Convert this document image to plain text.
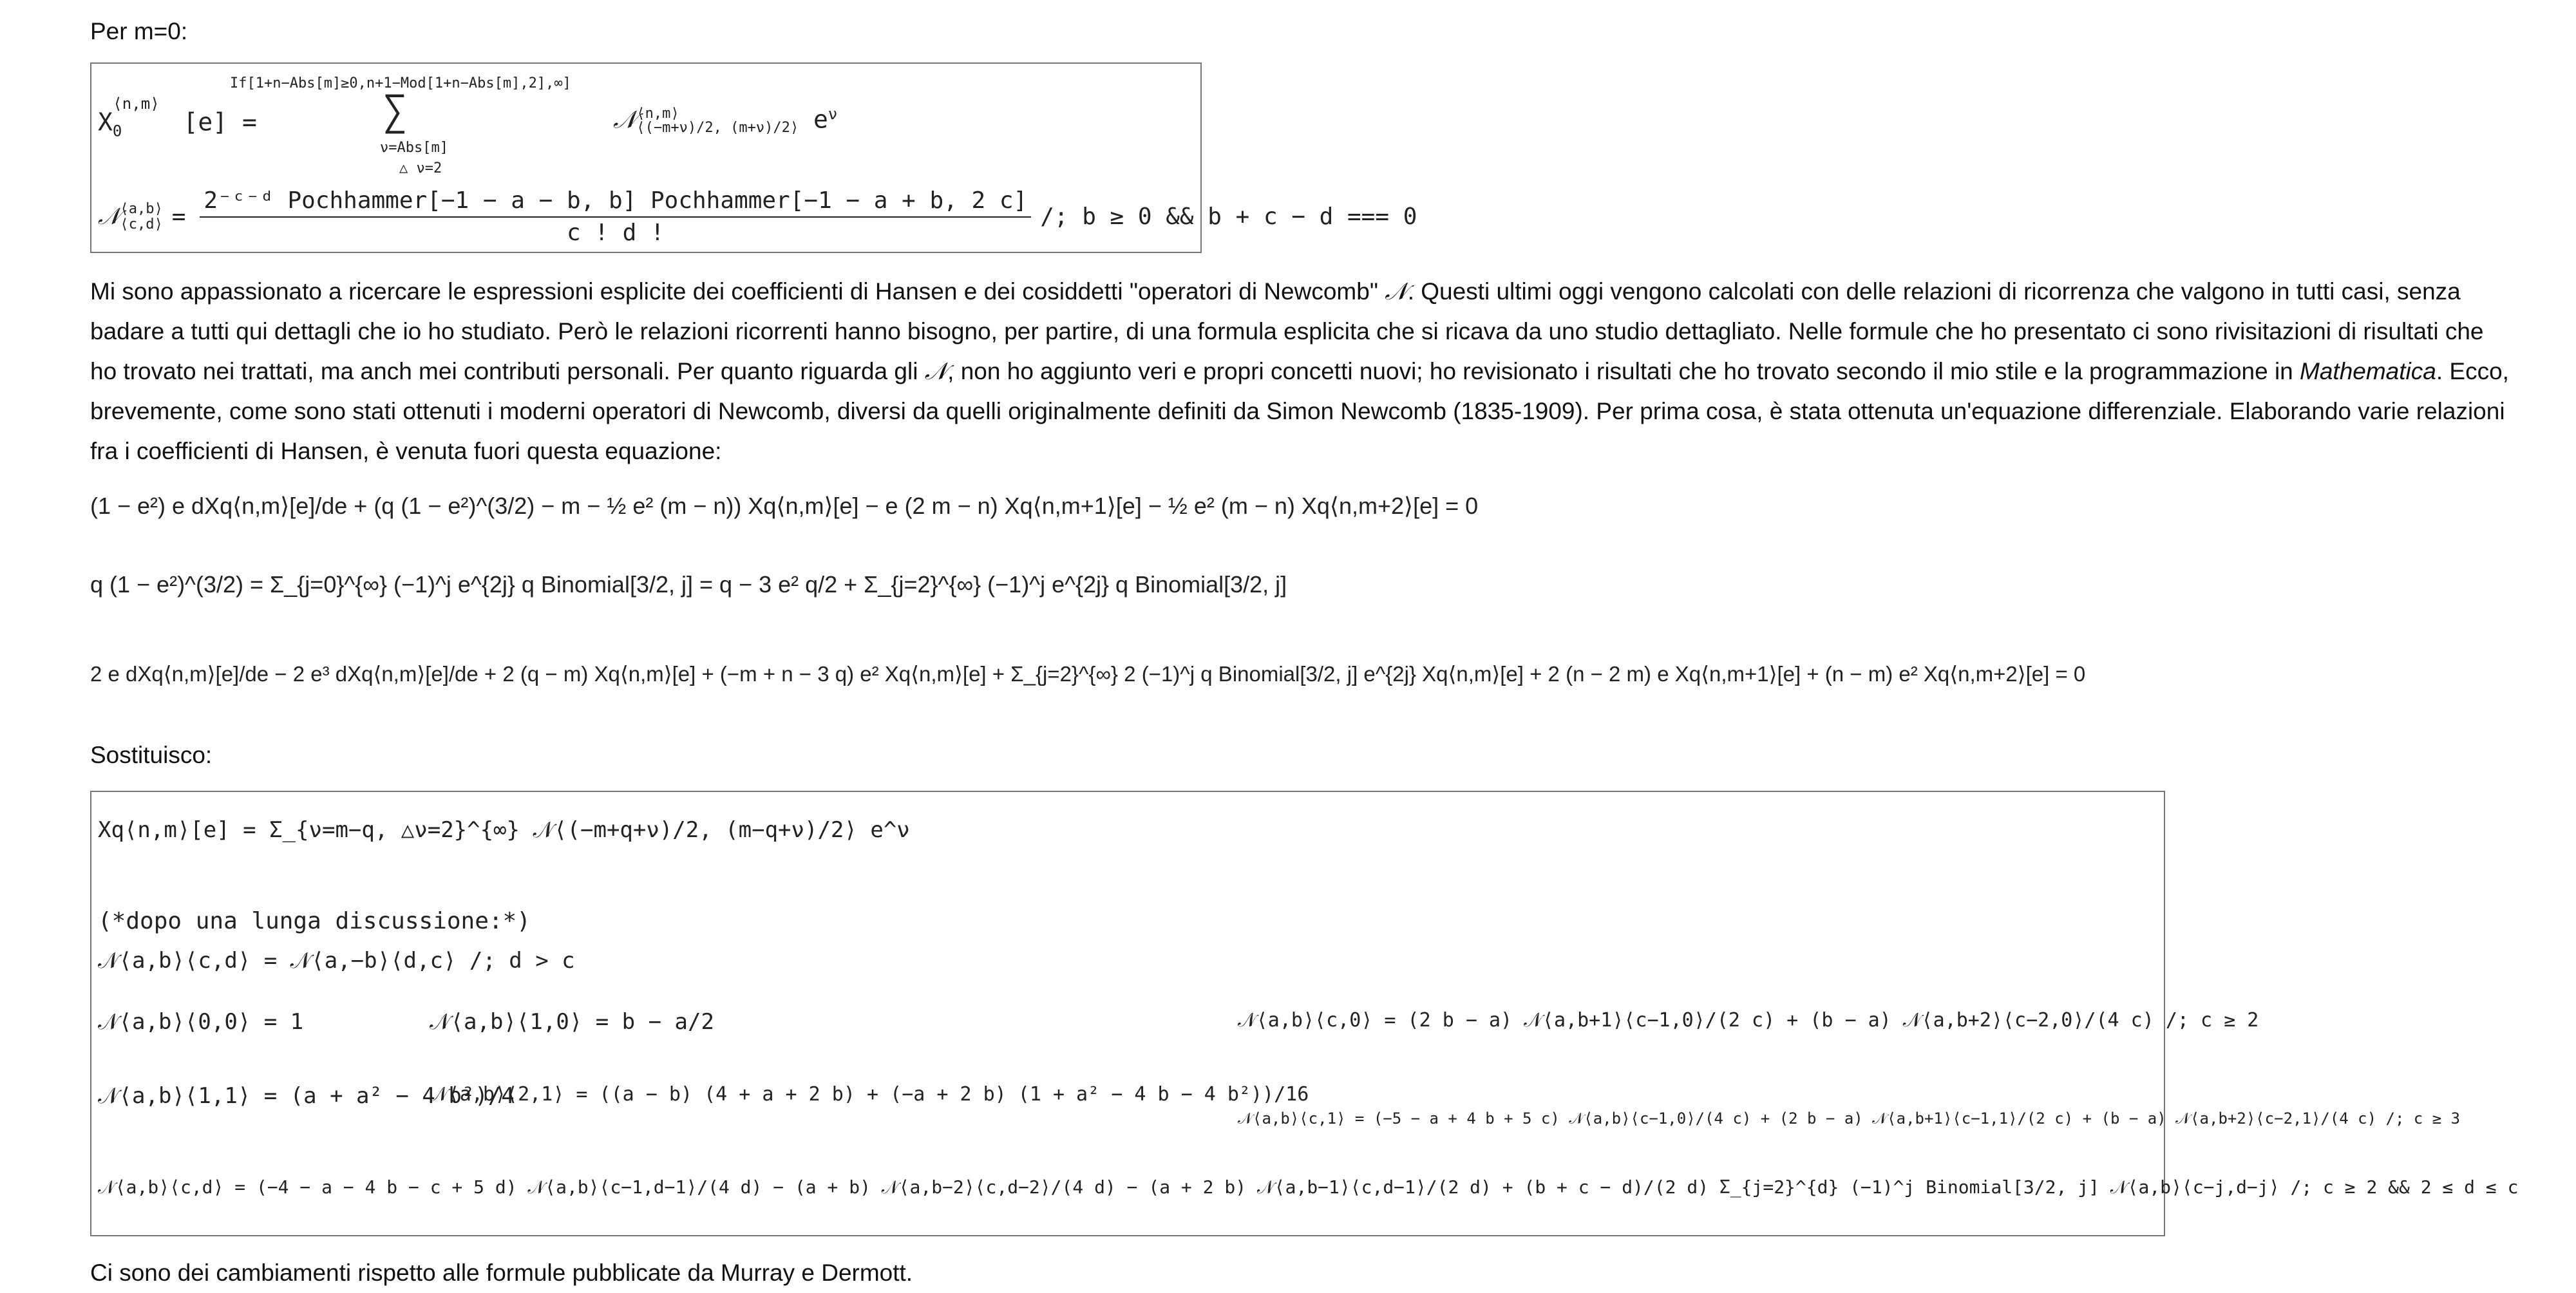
Per m=0:
$X_0^{⟨n,m⟩}$ [e] =
If[1+n−Abs[m]≥0,n+1−Mod[1+n−Abs[m],2],∞]
∑
ν=Abs[m]
△ ν=2
𝒩 ⟨n,m⟩
⟨(−m+ν)/2, (m+ν)/2⟩ $e^\nu$
𝒩 ⟨a,b⟩
⟨c,d⟩ = $\frac{\text{2⁻ᶜ⁻ᵈ Pochhammer[−1 − a − b, b] Pochhammer[−1 − a + b, 2 c]}}{c ! d !}$ /; b ≥ 0 && b + c − d === 0
Mi sono appassionato a ricercare le espressioni esplicite dei coefficienti di Hansen e dei cosiddetti "operatori di Newcomb" 𝒩. Questi ultimi oggi vengono calcolati con delle relazioni di ricorrenza che valgono in tutti casi, senza badare a tutti qui dettagli che io ho studiato. Però le relazioni ricorrenti hanno bisogno, per partire, di una formula esplicita che si ricava da uno studio dettagliato. Nelle formule che ho presentato ci sono rivisitazioni di risultati che ho trovato nei trattati, ma anch mei contributi personali. Per quanto riguarda gli 𝒩, non ho aggiunto veri e propri concetti nuovi; ho revisionato i risultati che ho trovato secondo il mio stile e la programmazione in Mathematica. Ecco, brevemente, come sono stati ottenuti i moderni operatori di Newcomb, diversi da quelli originalmente definiti da Simon Newcomb (1835-1909). Per prima cosa, è stata ottenuta un'equazione differenziale. Elaborando varie relazioni fra i coefficienti di Hansen, è venuta fuori questa equazione:
(1 − e²) e dXq⟨n,m⟩[e]/de + (q (1 − e²)^(3/2) − m − ½ e² (m − n)) Xq⟨n,m⟩[e] − e (2 m − n) Xq⟨n,m+1⟩[e] − ½ e² (m − n) Xq⟨n,m+2⟩[e] = 0
q (1 − e²)^(3/2) = Σ_{j=0}^{∞} (−1)^j e^{2j} q Binomial[3/2, j] = q − 3 e² q/2 + Σ_{j=2}^{∞} (−1)^j e^{2j} q Binomial[3/2, j]
2 e dXq⟨n,m⟩[e]/de − 2 e³ dXq⟨n,m⟩[e]/de + 2 (q − m) Xq⟨n,m⟩[e] + (−m + n − 3 q) e² Xq⟨n,m⟩[e] + Σ_{j=2}^{∞} 2 (−1)^j q Binomial[3/2, j] e^{2j} Xq⟨n,m⟩[e] + 2 (n − 2 m) e Xq⟨n,m+1⟩[e] + (n − m) e² Xq⟨n,m+2⟩[e] = 0
Sostituisco:
Xq⟨n,m⟩[e] = Σ_{ν=m−q, △ν=2}^{∞} 𝒩⟨(−m+q+ν)/2, (m−q+ν)/2⟩ e^ν
(*dopo una lunga discussione:*)
𝒩⟨a,b⟩⟨c,d⟩ = 𝒩⟨a,−b⟩⟨d,c⟩ /; d > c
𝒩⟨a,b⟩⟨0,0⟩ = 1	𝒩⟨a,b⟩⟨1,0⟩ = b − a/2	𝒩⟨a,b⟩⟨c,0⟩ = (2 b − a) 𝒩⟨a,b+1⟩⟨c−1,0⟩/(2 c) + (b − a) 𝒩⟨a,b+2⟩⟨c−2,0⟩/(4 c) /; c ≥ 2
𝒩⟨a,b⟩⟨1,1⟩ = (a + a² − 4 b²)/4
𝒩⟨a,b⟩⟨2,1⟩ = ((a − b) (4 + a + 2 b) + (−a + 2 b) (1 + a² − 4 b − 4 b²))/16
𝒩⟨a,b⟩⟨c,1⟩ = (−5 − a + 4 b + 5 c) 𝒩⟨a,b⟩⟨c−1,0⟩/(4 c) + (2 b − a) 𝒩⟨a,b+1⟩⟨c−1,1⟩/(2 c) + (b − a) 𝒩⟨a,b+2⟩⟨c−2,1⟩/(4 c) /; c ≥ 3
𝒩⟨a,b⟩⟨c,d⟩ = (−4 − a − 4 b − c + 5 d) 𝒩⟨a,b⟩⟨c−1,d−1⟩/(4 d) − (a + b) 𝒩⟨a,b−2⟩⟨c,d−2⟩/(4 d) − (a + 2 b) 𝒩⟨a,b−1⟩⟨c,d−1⟩/(2 d) + (b + c − d)/(2 d) Σ_{j=2}^{d} (−1)^j Binomial[3/2, j] 𝒩⟨a,b⟩⟨c−j,d−j⟩ /; c ≥ 2 && 2 ≤ d ≤ c
Ci sono dei cambiamenti rispetto alle formule pubblicate da Murray e Dermott.
